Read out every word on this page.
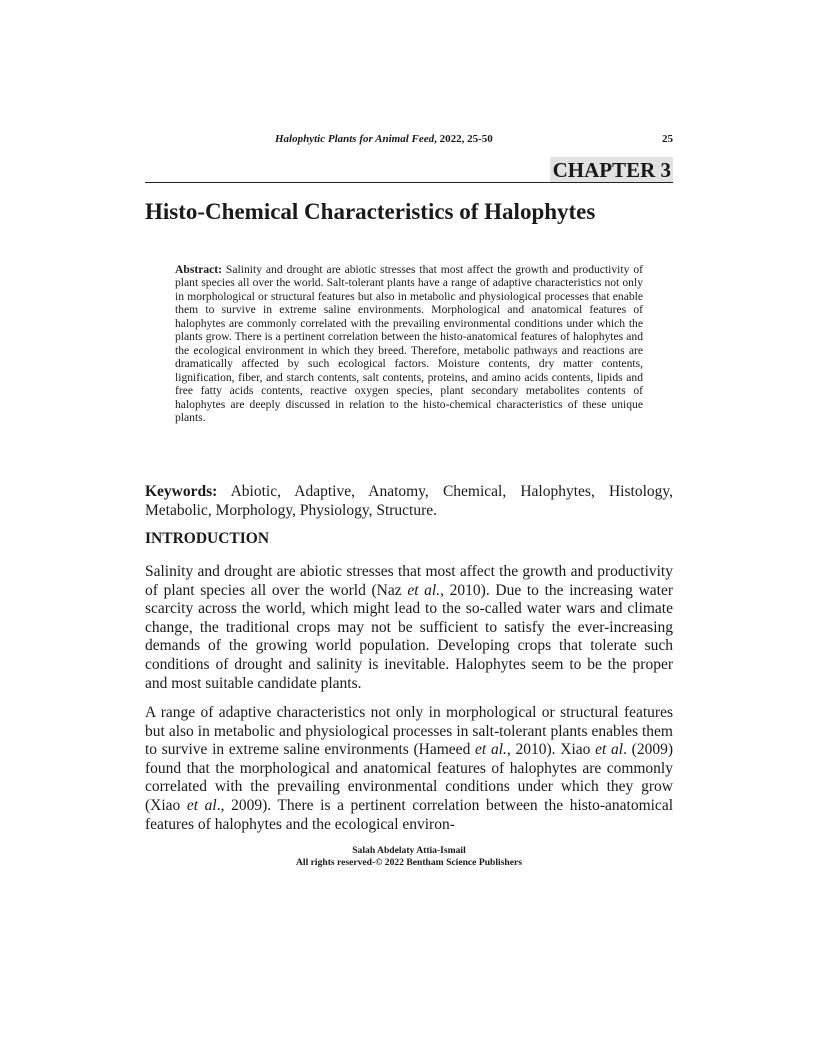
Halophytic Plants for Animal Feed, 2022, 25-50	25
CHAPTER 3
Histo-Chemical Characteristics of Halophytes

Abstract: Salinity and drought are abiotic stresses that most affect the growth and productivity of plant species all over the world. Salt-tolerant plants have a range of adaptive characteristics not only in morphological or structural features but also in metabolic and physiological processes that enable them to survive in extreme saline environments. Morphological and anatomical features of halophytes are commonly correlated with the prevailing environmental conditions under which the plants grow. There is a pertinent correlation between the histo-anatomical features of halophytes and the ecological environment in which they breed. Therefore, metabolic pathways and reactions are dramatically affected by such ecological factors. Moisture contents, dry matter contents, lignification, fiber, and starch contents, salt contents, proteins, and amino acids contents, lipids and free fatty acids contents, reactive oxygen species, plant secondary metabolites contents of halophytes are deeply discussed in relation to the histo-chemical characteristics of these unique plants.

Keywords: Abiotic, Adaptive, Anatomy, Chemical, Halophytes, Histology, Metabolic, Morphology, Physiology, Structure.

INTRODUCTION

Salinity and drought are abiotic stresses that most affect the growth and productivity of plant species all over the world (Naz et al., 2010). Due to the increasing water scarcity across the world, which might lead to the so-called water wars and climate change, the traditional crops may not be sufficient to satisfy the ever-increasing demands of the growing world population. Developing crops that tolerate such conditions of drought and salinity is inevitable. Halophytes seem to be the proper and most suitable candidate plants.

A range of adaptive characteristics not only in morphological or structural features but also in metabolic and physiological processes in salt-tolerant plants enables them to survive in extreme saline environments (Hameed et al., 2010). Xiao et al. (2009) found that the morphological and anatomical features of halophytes are commonly correlated with the prevailing environmental conditions under which they grow (Xiao et al., 2009). There is a pertinent correlation between the histo-anatomical features of halophytes and the ecological environ-

Salah Abdelaty Attia-Ismail
All rights reserved-© 2022 Bentham Science Publishers
